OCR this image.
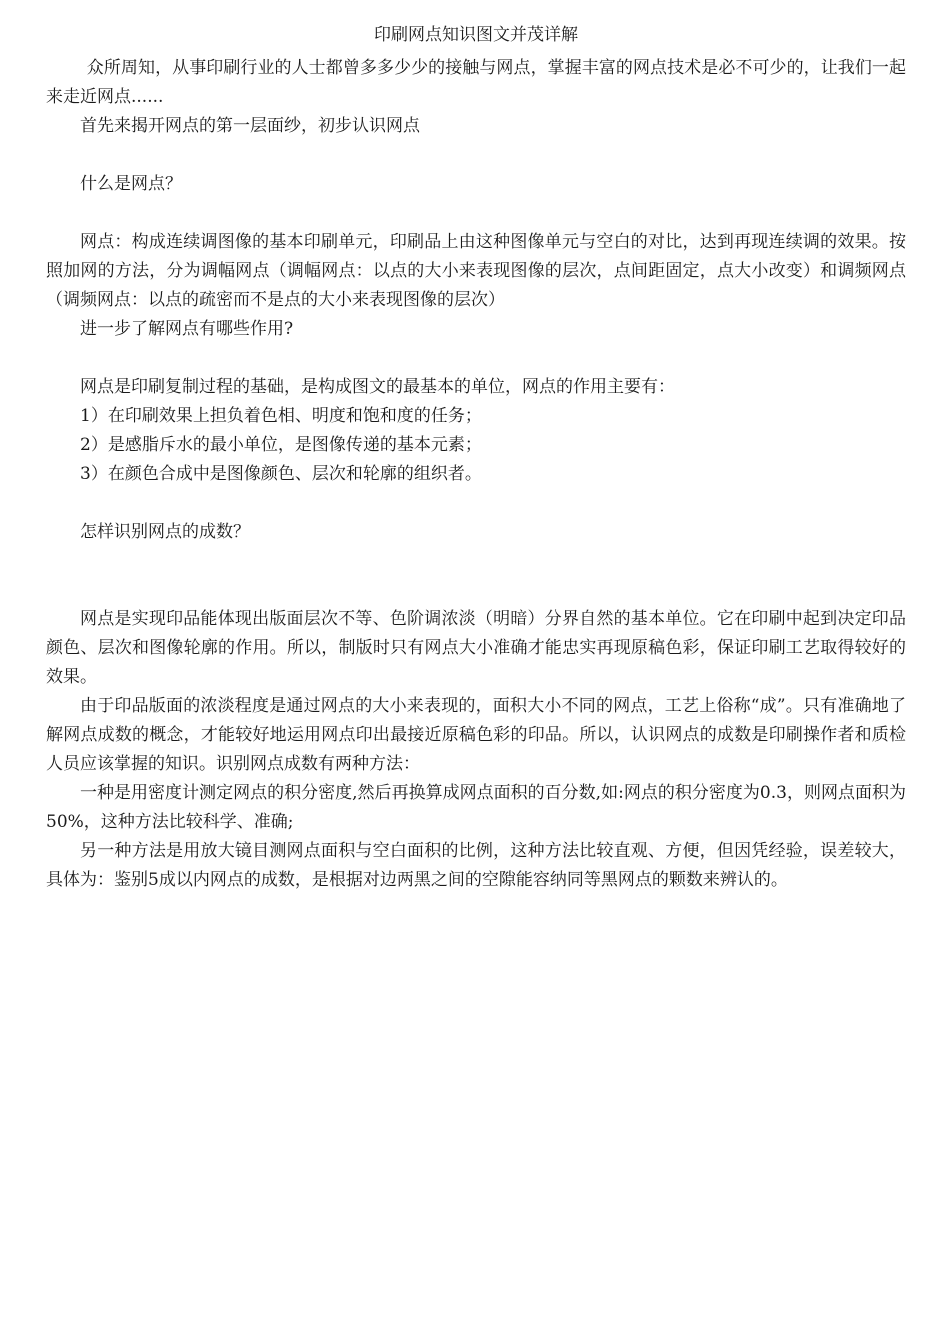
印刷网点知识图文并茂详解

众所周知，从事印刷行业的人士都曾多多少少的接触与网点，掌握丰富的网点技术是必不可少的，让我们一起来走近网点......

首先来揭开网点的第一层面纱，初步认识网点

什么是网点？

网点：构成连续调图像的基本印刷单元，印刷品上由这种图像单元与空白的对比，达到再现连续调的效果。按照加网的方法，分为调幅网点（调幅网点：以点的大小来表现图像的层次，点间距固定，点大小改变）和调频网点（调频网点：以点的疏密而不是点的大小来表现图像的层次）

进一步了解网点有哪些作用?

网点是印刷复制过程的基础，是构成图文的最基本的单位，网点的作用主要有：

1）在印刷效果上担负着色相、明度和饱和度的任务；

2）是感脂斥水的最小单位，是图像传递的基本元素；

3）在颜色合成中是图像颜色、层次和轮廓的组织者。

怎样识别网点的成数？

网点是实现印品能体现出版面层次不等、色阶调浓淡（明暗）分界自然的基本单位。它在印刷中起到决定印品颜色、层次和图像轮廓的作用。所以，制版时只有网点大小准确才能忠实再现原稿色彩，保证印刷工艺取得较好的效果。

由于印品版面的浓淡程度是通过网点的大小来表现的，面积大小不同的网点，工艺上俗称“成”。只有准确地了解网点成数的概念，才能较好地运用网点印出最接近原稿色彩的印品。所以，认识网点的成数是印刷操作者和质检人员应该掌握的知识。识别网点成数有两种方法：

一种是用密度计测定网点的积分密度,然后再换算成网点面积的百分数,如:网点的积分密度为0.3，则网点面积为50%，这种方法比较科学、准确;

另一种方法是用放大镜目测网点面积与空白面积的比例，这种方法比较直观、方便，但因凭经验，误差较大，具体为：鉴别5成以内网点的成数，是根据对边两黑之间的空隙能容纳同等黑网点的颗数来辨认的。
